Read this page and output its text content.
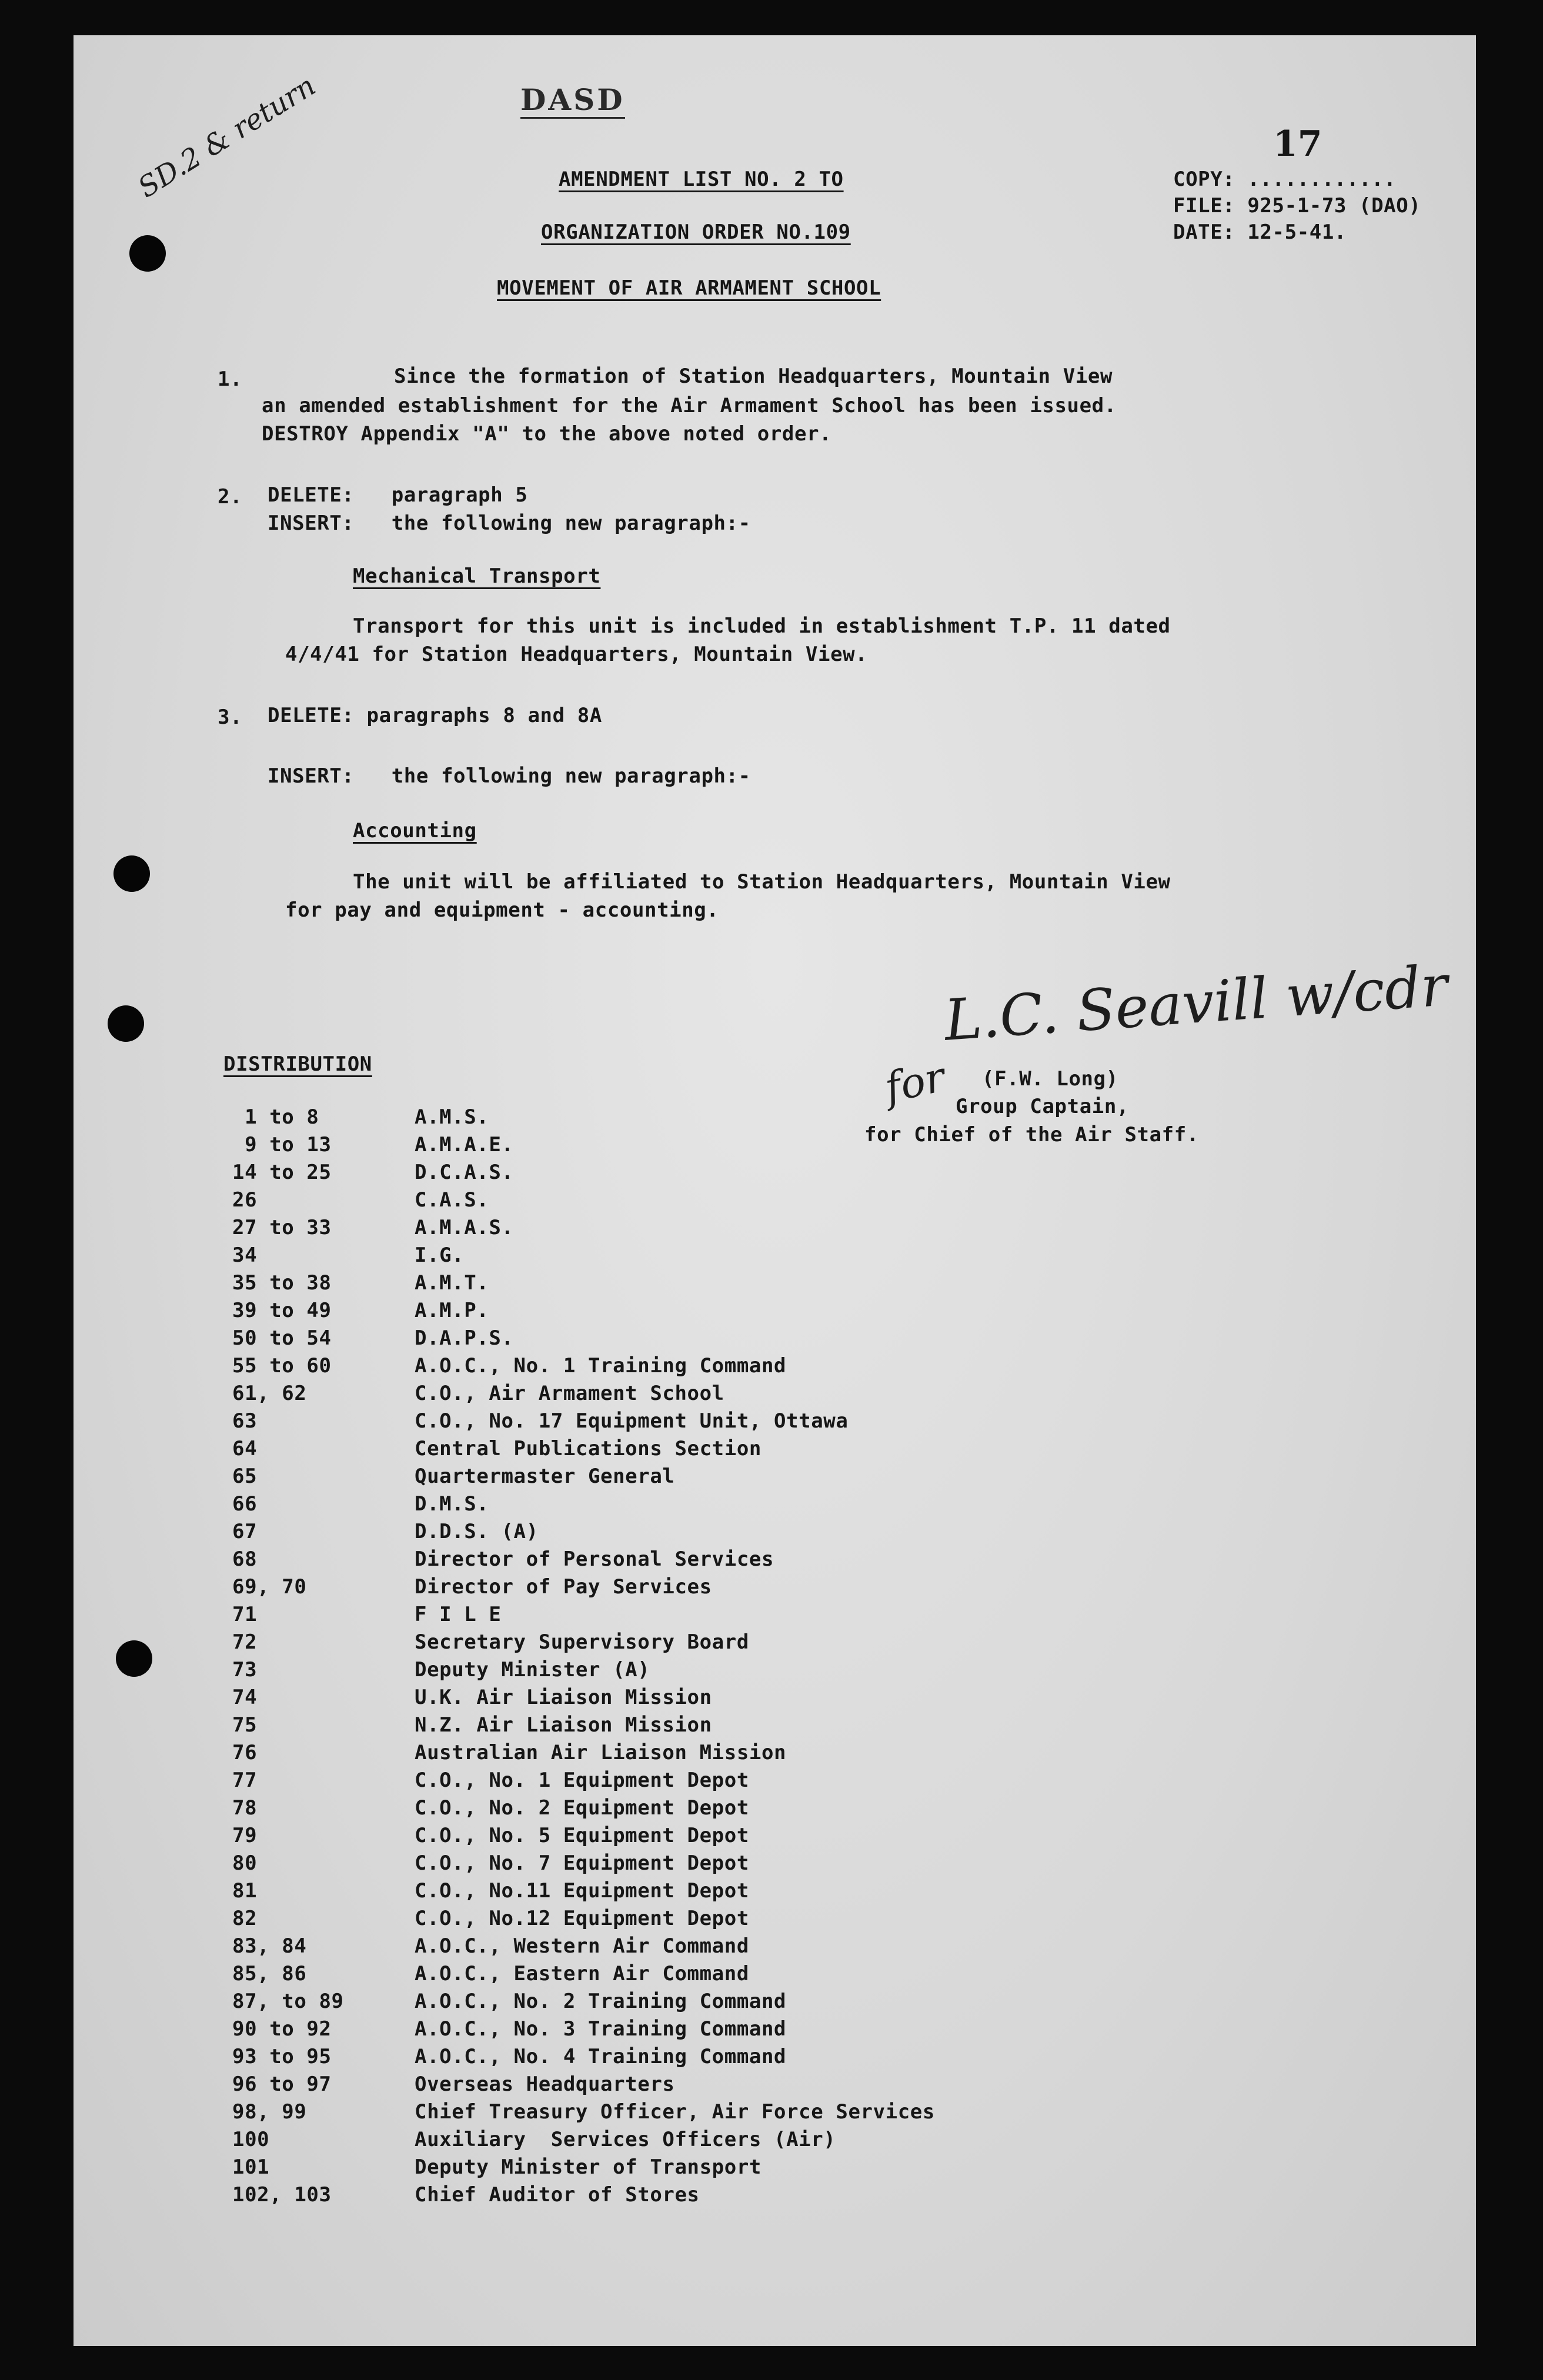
SD.2 & return	DASD
17
AMENDMENT LIST NO. 2 TO
ORGANIZATION ORDER NO.109
MOVEMENT OF AIR ARMAMENT SCHOOL
COPY: ............
FILE: 925-1-73 (DAO)
DATE: 12-5-41.
1.	Since the formation of Station Headquarters, Mountain View
an amended establishment for the Air Armament School has been issued.
DESTROY Appendix "A" to the above noted order.
2. DELETE:   paragraph 5
INSERT:   the following new paragraph:-
Mechanical Transport
Transport for this unit is included in establishment T.P. 11 dated
4/4/41 for Station Headquarters, Mountain View.
3. DELETE: paragraphs 8 and 8A
INSERT:   the following new paragraph:-
Accounting
The unit will be affiliated to Station Headquarters, Mountain View
for pay and equipment - accounting.
L.C. Seavill w/cdr
for (F.W. Long)
Group Captain,
for Chief of the Air Staff.
DISTRIBUTION
1 to 8	A.M.S.
9 to 13	A.M.A.E.
14 to 25	D.C.A.S.
26	C.A.S.
27 to 33	A.M.A.S.
34	I.G.
35 to 38	A.M.T.
39 to 49	A.M.P.
50 to 54	D.A.P.S.
55 to 60	A.O.C., No. 1 Training Command
61, 62	C.O., Air Armament School
63	C.O., No. 17 Equipment Unit, Ottawa
64	Central Publications Section
65	Quartermaster General
66	D.M.S.
67	D.D.S. (A)
68	Director of Personal Services
69, 70	Director of Pay Services
71	F I L E
72	Secretary Supervisory Board
73	Deputy Minister (A)
74	U.K. Air Liaison Mission
75	N.Z. Air Liaison Mission
76	Australian Air Liaison Mission
77	C.O., No. 1 Equipment Depot
78	C.O., No. 2 Equipment Depot
79	C.O., No. 5 Equipment Depot
80	C.O., No. 7 Equipment Depot
81	C.O., No.11 Equipment Depot
82	C.O., No.12 Equipment Depot
83, 84	A.O.C., Western Air Command
85, 86	A.O.C., Eastern Air Command
87, to 89	A.O.C., No. 2 Training Command
90 to 92	A.O.C., No. 3 Training Command
93 to 95	A.O.C., No. 4 Training Command
96 to 97	Overseas Headquarters
98, 99	Chief Treasury Officer, Air Force Services
100	Auxiliary  Services Officers (Air)
101	Deputy Minister of Transport
102, 103	Chief Auditor of Stores
